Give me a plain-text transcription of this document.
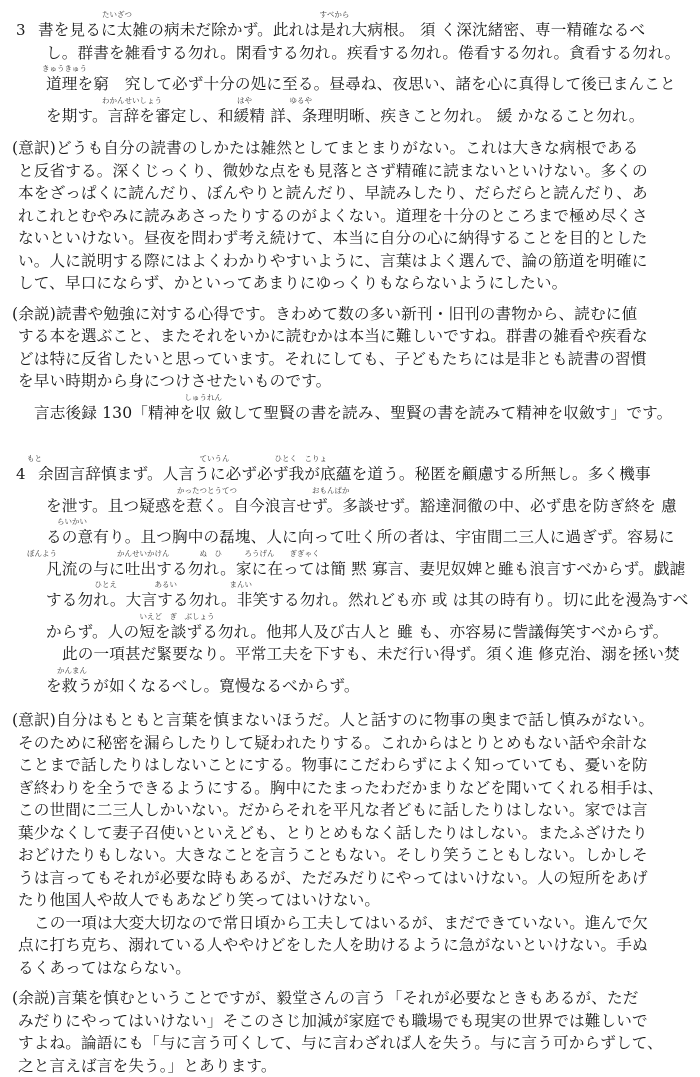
　　　　　　　　　　　　たいざつ　　　　　　　　　　　　　　　　　　　　　　　　　すべから
3 書を見るに太雑の病未だ除かず。此れは是れ大病根。 須 く深沈緒密、専一精確なるべ
し。群書を雑看する勿れ。閑看する勿れ。疾看する勿れ。倦看する勿れ。貪看する勿れ。
　　　　きゅうきゅう　　　　　　　　　　　　　　　　　　　　　　　　　　　　　　　　　　
道理を窮　究して必ず十分の処に至る。昼尋ね、夜思い、諸を心に真得して後已まんこと
　　　　　　　　　　　　わかんせいしょう　　　　　　　　　　はや　　　　　ゆるや
を期す。言辞を審定し、和緩精 詳、条理明晰、疾きこと勿れ。 緩 かなること勿れ。
(意訳)どうも自分の読書のしかたは雑然としてまとまりがない。これは大きな病根である
と反省する。深くじっくり、微妙な点をも見落とさず精確に読まないといけない。多くの
本をざっぱくに読んだり、ぼんやりと読んだり、早読みしたり、だらだらと読んだり、あ
れこれとむやみに読みあさったりするのがよくない。道理を十分のところまで極め尽くさ
ないといけない。昼夜を問わず考え続けて、本当に自分の心に納得することを目的とした
い。人に説明する際にはよくわかりやすいように、言葉はよく選んで、論の筋道を明確に
して、早口にならず、かといってあまりにゆっくりもならないようにしたい。
(余説)読書や勉強に対する心得です。きわめて数の多い新刊・旧刊の書物から、読むに値
する本を選ぶこと、またそれをいかに読むかは本当に難しいですね。群書の雑看や疾看な
どは特に反省したいと思っています。それにしても、子どもたちには是非とも読書の習慣
を早い時期から身につけさせたいものです。
　　　　　　　　　　　　　　　　　　　　　　　しゅうれん
言志後録 130「精神を収 斂して聖賢の書を読み、聖賢の書を読みて精神を収斂す」です。
　　もと　　　　　　　　　　　　　　　　　　　　　ていうん　　　　　　ひとく　こりょ
4 余固言辞慎まず。人言うに必ず必ず我が底蘊を道う。秘匿を顧慮する所無し。多く機事
　　　　　　　　　　　　　　　　　　　　　　かったつとうてつ　　　　　　　　　　おもんぱか
を泄す。且つ疑惑を惹く。自今浪言せず。多談せず。豁達洞徹の中、必ず患を防ぎ終を 慮
　　　　　　らいかい　　　　　　　　　　　　　　　　　　　　　　　　　　　　
るの意有り。且つ胸中の磊塊、人に向って吐く所の者は、宇宙間二三人に過ぎず。容易に
　　ぼんよう　　　　　　　　かんせいかけん　　　　ぬ　ひ　　　ろうげん　　ぎぎゃく
凡流の与に吐出する勿れ。家に在っては簡 黙 寡言、妻児奴婢と雖も浪言すべからず。戯謔
　　　　　　　　　　　ひとえ　　　　　あるい　　　　　　　まんい
する勿れ。大言する勿れ。非笑する勿れ。然れども亦 或 は其の時有り。切に此を漫為すべ
　　　　　　　　　　　　　　　　　いえど　ぎ　ぶしょう
からず。人の短を談ずる勿れ。他邦人及び古人と 雖 も、亦容易に訾議侮笑すべからず。
此の一項甚だ緊要なり。平常工夫を下すも、未だ行い得ず。須く進 修克治、溺を拯い焚
　　　　　　かんまん
を救うが如くなるべし。寛慢なるべからず。
(意訳)自分はもともと言葉を慎まないほうだ。人と話すのに物事の奥まで話し慎みがない。
そのために秘密を漏らしたりして疑われたりする。これからはとりとめもない話や余計な
ことまで話したりはしないことにする。物事にこだわらずによく知っていても、憂いを防
ぎ終わりを全うできるようにする。胸中にたまったわだかまりなどを聞いてくれる相手は、
この世間に二三人しかいない。だからそれを平凡な者どもに話したりはしない。家では言
葉少なくして妻子召使いといえども、とりとめもなく話したりはしない。またふざけたり
おどけたりもしない。大きなことを言うこともない。そしり笑うこともしない。しかしそ
うは言ってもそれが必要な時もあるが、ただみだりにやってはいけない。人の短所をあげ
たり他国人や故人でもあなどり笑ってはいけない。
この一項は大変大切なので常日頃から工夫してはいるが、まだできていない。進んで欠
点に打ち克ち、溺れている人ややけどをした人を助けるように急がないといけない。手ぬ
るくあってはならない。
(余説)言葉を慎むということですが、毅堂さんの言う「それが必要なときもあるが、ただ
みだりにやってはいけない」そこのさじ加減が家庭でも職場でも現実の世界では難しいで
すよね。論語にも「与に言う可くして、与に言わざれば人を失う。与に言う可からずして、
之と言えば言を失う。」とあります。
